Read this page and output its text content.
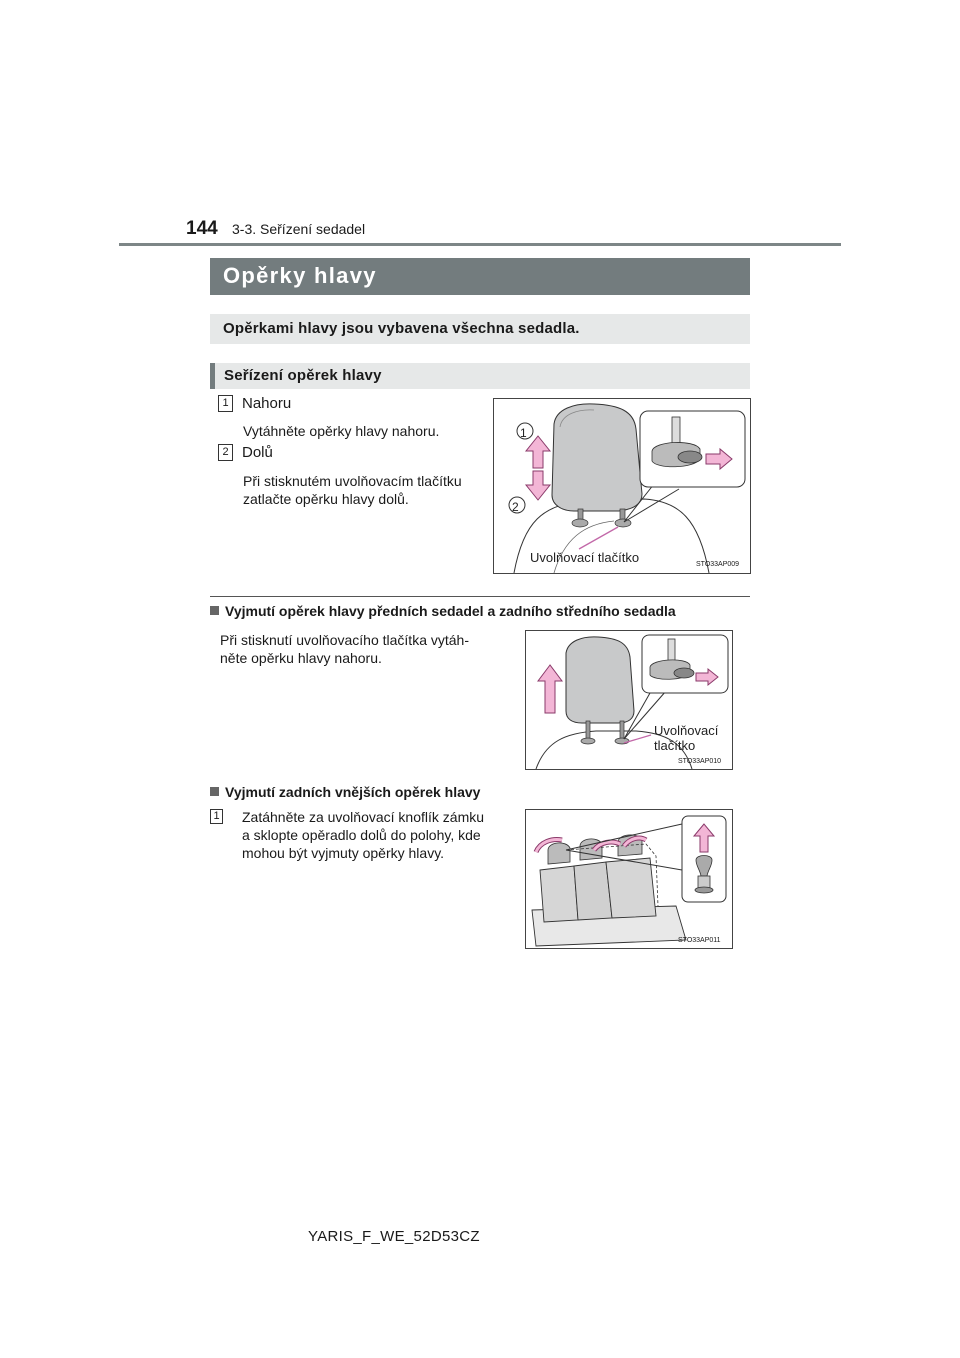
144 3-3. Seřízení sedadel
Opěrky hlavy
Opěrkami hlavy jsou vybavena všechna sedadla.
Seřízení opěrek hlavy
1 Nahoru
Vytáhněte opěrky hlavy nahoru.
2 Dolů
Při stisknutém uvolňovacím tlačítku
zatlačte opěrku hlavy dolů.
1
2
Uvolňovací tlačítko	STO33AP009
Vyjmutí opěrek hlavy předních sedadel a zadního středního sedadla
Při stisknutí uvolňovacího tlačítka vytáh-
něte opěrku hlavy nahoru.
Uvolňovací
tlačítko
STO33AP010
Vyjmutí zadních vnějších opěrek hlavy
1 Zatáhněte za uvolňovací knoflík zámku
a sklopte opěradlo dolů do polohy, kde
mohou být vyjmuty opěrky hlavy.
STO33AP011
YARIS_F_WE_52D53CZ
